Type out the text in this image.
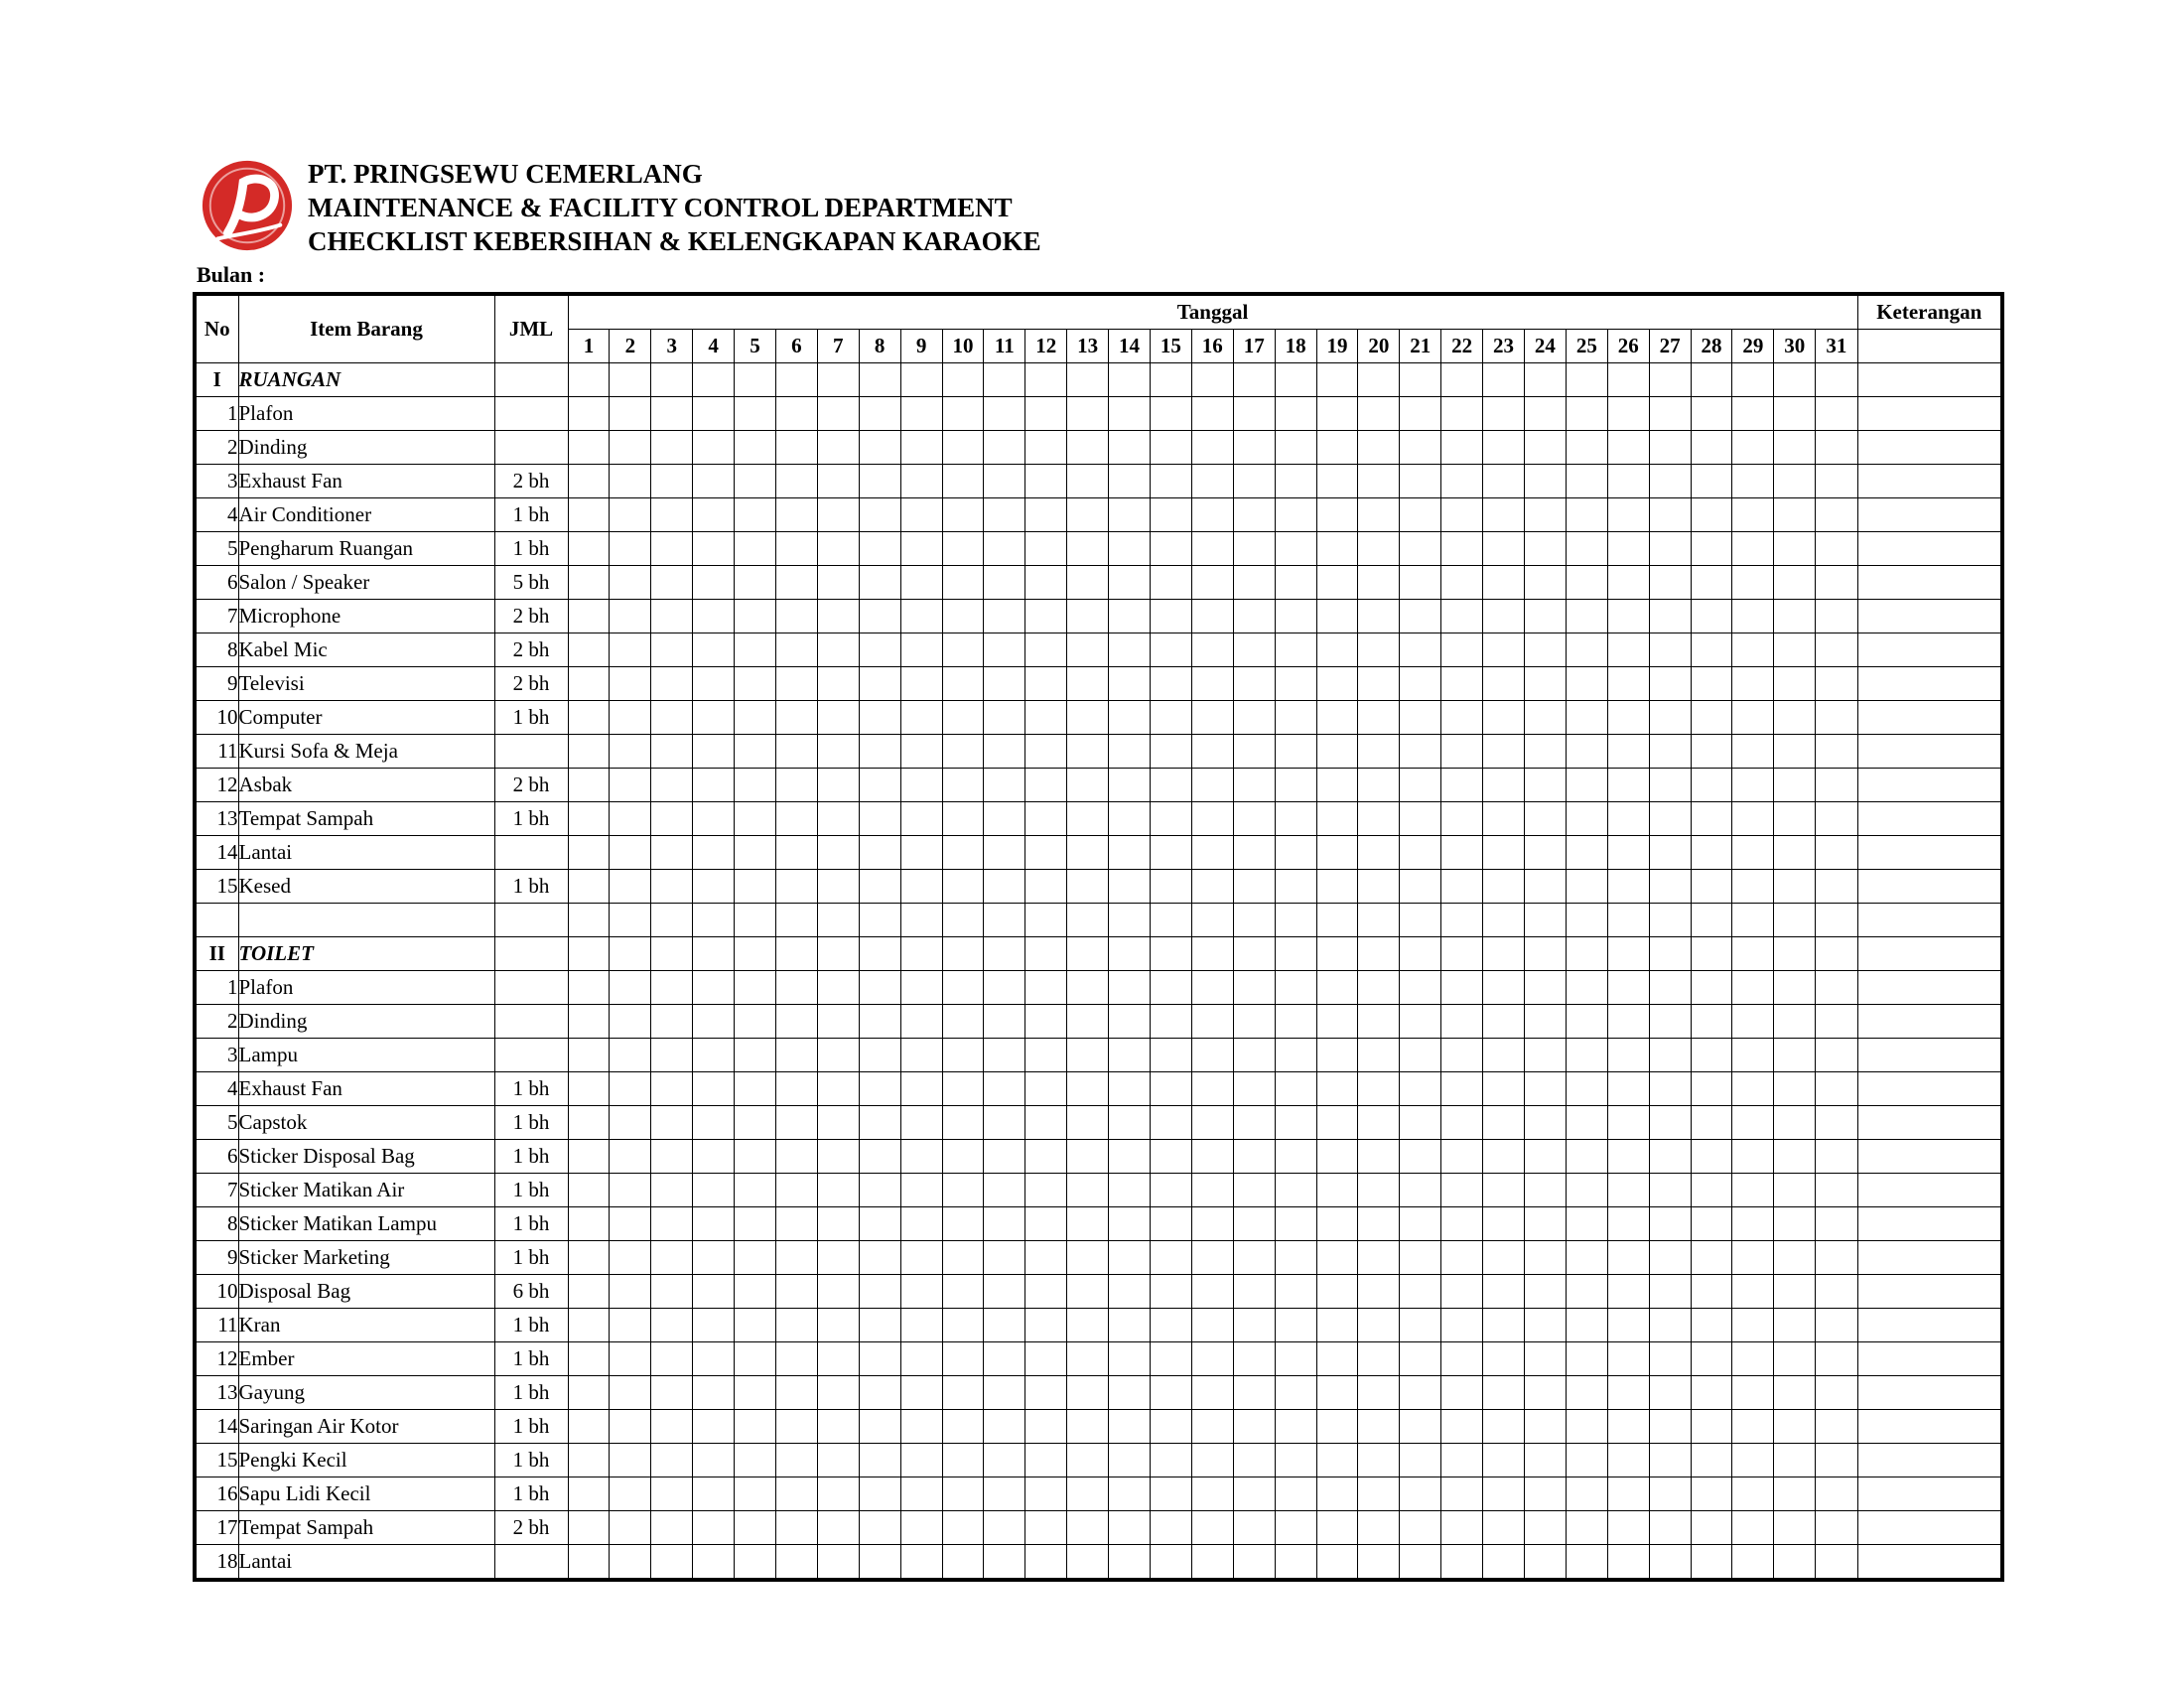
PT. PRINGSEWU CEMERLANG
MAINTENANCE & FACILITY CONTROL DEPARTMENT
CHECKLIST KEBERSIHAN & KELENGKAPAN KARAOKE
Bulan :
No	Item Barang	JML	Tanggal																															Keterangan
			1	2	3	4	5	6	7	8	9	10	11	12	13	14	15	16	17	18	19	20	21	22	23	24	25	26	27	28	29	30	31	
I	RUANGAN																																	
1	Plafon																																	
2	Dinding																																	
3	Exhaust Fan	2 bh																																
4	Air Conditioner	1 bh																																
5	Pengharum Ruangan	1 bh																																
6	Salon / Speaker	5 bh																																
7	Microphone	2 bh																																
8	Kabel Mic	2 bh																																
9	Televisi	2 bh																																
10	Computer	1 bh																																
11	Kursi Sofa & Meja																																	
12	Asbak	2 bh																																
13	Tempat Sampah	1 bh																																
14	Lantai																																	
15	Kesed	1 bh																																

II	TOILET																																	
1	Plafon																																	
2	Dinding																																	
3	Lampu																																	
4	Exhaust Fan	1 bh																																
5	Capstok	1 bh																																
6	Sticker Disposal Bag	1 bh																																
7	Sticker Matikan Air	1 bh																																
8	Sticker Matikan Lampu	1 bh																																
9	Sticker Marketing	1 bh																																
10	Disposal Bag	6 bh																																
11	Kran	1 bh																																
12	Ember	1 bh																																
13	Gayung	1 bh																																
14	Saringan Air Kotor	1 bh																																
15	Pengki Kecil	1 bh																																
16	Sapu Lidi Kecil	1 bh																																
17	Tempat Sampah	2 bh																																
18	Lantai																																	
